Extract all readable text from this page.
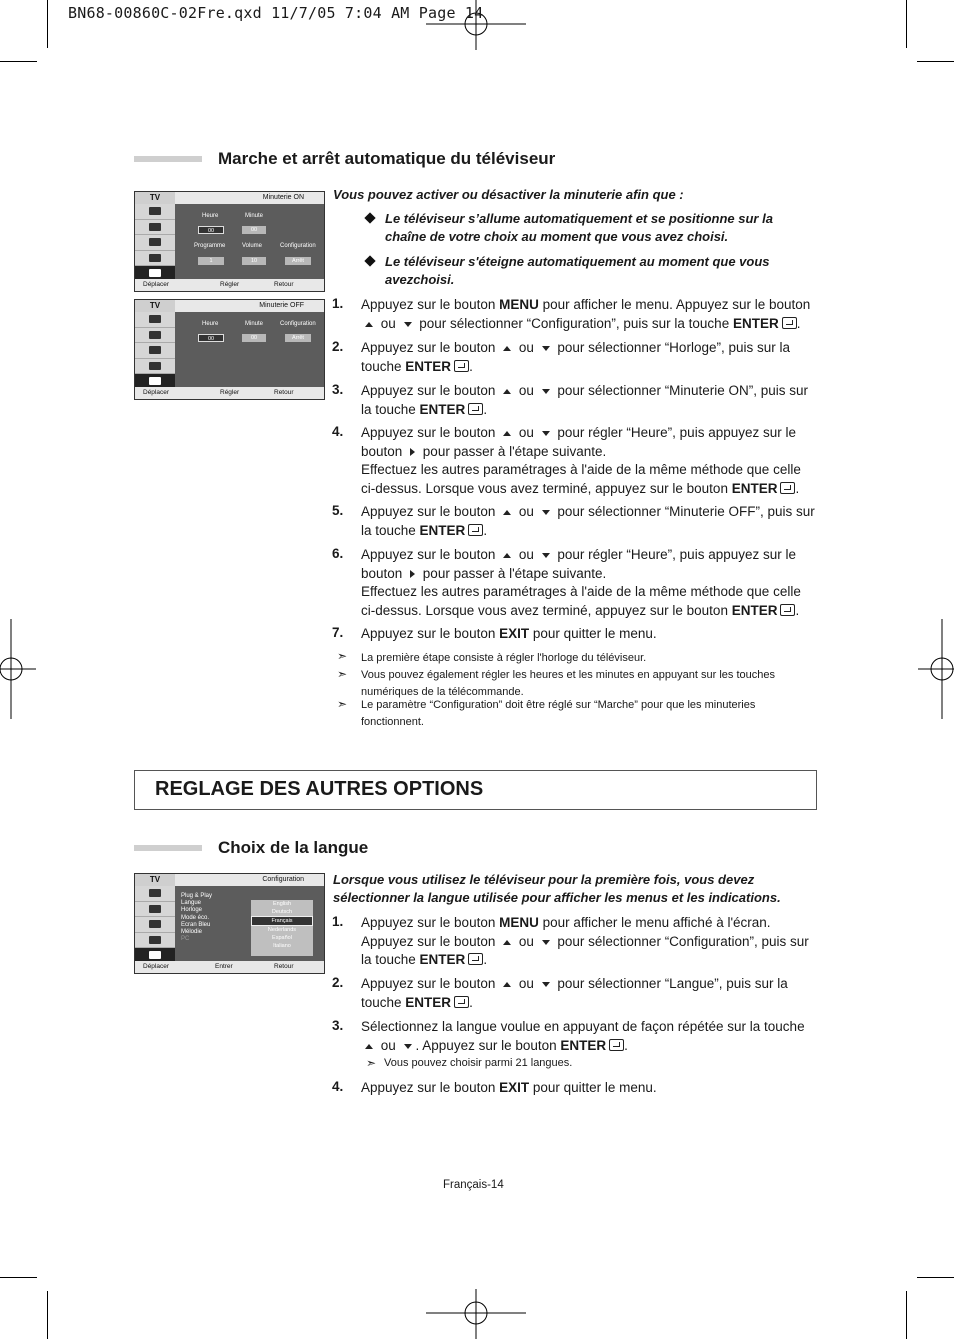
BN68-00860C-02Fre.qxd 11/7/05 7:04 AM Page 14
Marche et arrêt automatique du téléviseur
TV
Minuterie ON
Heure	Minute
00	00
Programme	Volume	Configuration
1	10	Arrêt
Déplacer	Régler	Retour
TV
Minuterie OFF
Heure	Minute	Configuration
00	00	Arrêt
Déplacer	Régler	Retour
Vous pouvez activer ou désactiver la minuterie afin que :
Le téléviseur s’allume automatiquement et se positionne sur la chaîne de votre choix au moment que vous avez choisi.
Le téléviseur s'éteigne automatiquement au moment que vous avezchoisi.
1. Appuyez sur le bouton MENU pour afficher le menu. Appuyez sur le bouton
ou  pour sélectionner “Configuration”, puis sur la touche ENTER .
2. Appuyez sur le bouton  ou  pour sélectionner “Horloge”, puis sur la touche ENTER .
3. Appuyez sur le bouton  ou  pour sélectionner “Minuterie ON”, puis sur la touche ENTER .
4. Appuyez sur le bouton  ou  pour régler “Heure”, puis appuyez sur le bouton  pour passer à l'étape suivante.
Effectuez les autres paramétrages à l'aide de la même méthode que celle ci-dessus. Lorsque vous avez terminé, appuyez sur le bouton ENTER .
5. Appuyez sur le bouton  ou  pour sélectionner “Minuterie OFF”, puis sur la touche ENTER .
6. Appuyez sur le bouton  ou  pour régler “Heure”, puis appuyez sur le bouton  pour passer à l'étape suivante.
Effectuez les autres paramétrages à l'aide de la même méthode que celle ci-dessus. Lorsque vous avez terminé, appuyez sur le bouton ENTER .
7. Appuyez sur le bouton EXIT pour quitter le menu.
➣ La première étape consiste à régler l'horloge du téléviseur.
➣ Vous pouvez également régler les heures et les minutes en appuyant sur les touches numériques de la télécommande.
➣ Le paramètre “Configuration” doit être réglé sur “Marche” pour que les minuteries fonctionnent.
REGLAGE DES AUTRES OPTIONS
Choix de la langue
TV
Configuration
Plug & Play
Langue
Horloge
Mode éco.
Ecran Bleu
Mélodie
PC
English
Deutsch
Français
Nederlands
Español
Italiano
Déplacer	Entrer	Retour
Lorsque vous utilisez le téléviseur pour la première fois, vous devez sélectionner la langue utilisée pour afficher les menus et les indications.
1. Appuyez sur le bouton MENU pour afficher le menu affiché à l'écran.
Appuyez sur le bouton  ou  pour sélectionner “Configuration”, puis sur la touche ENTER .
2. Appuyez sur le bouton  ou  pour sélectionner “Langue”, puis sur la touche ENTER .
3. Sélectionnez la langue voulue en appuyant de façon répétée sur la touche
ou . Appuyez sur le bouton ENTER .
➣ Vous pouvez choisir parmi 21 langues.
4. Appuyez sur le bouton EXIT pour quitter le menu.
Français-14
